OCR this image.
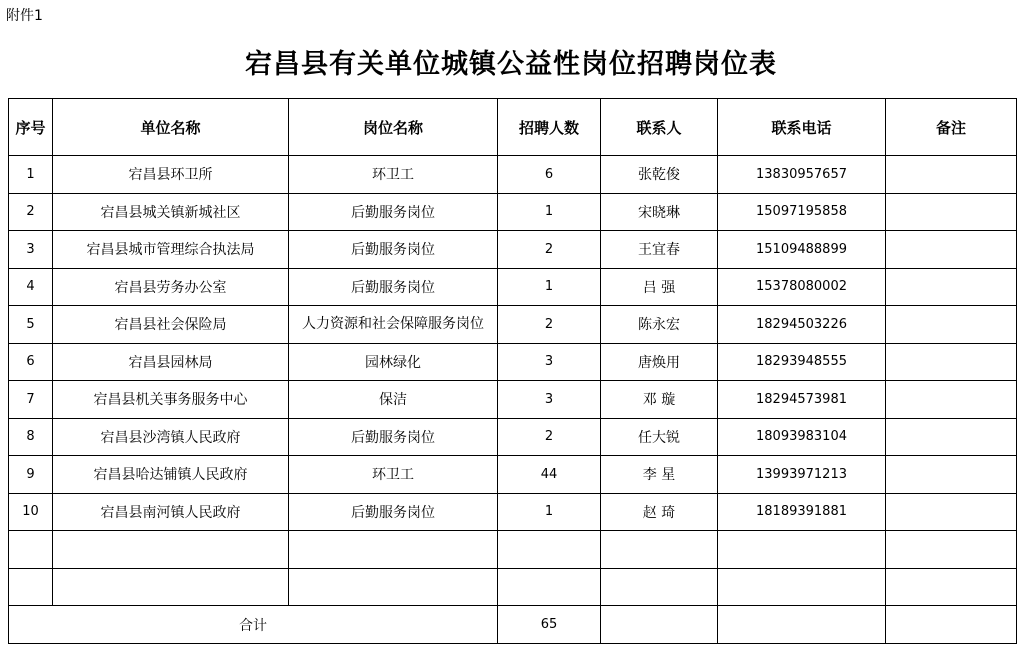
附件1
宕昌县有关单位城镇公益性岗位招聘岗位表
序号	单位名称	岗位名称	招聘人数	联系人	联系电话	备注
1	宕昌县环卫所	环卫工	6	张乾俊	13830957657	
2	宕昌县城关镇新城社区	后勤服务岗位	1	宋晓琳	15097195858	
3	宕昌县城市管理综合执法局	后勤服务岗位	2	王宜春	15109488899	
4	宕昌县劳务办公室	后勤服务岗位	1	吕 强	15378080002	
5	宕昌县社会保险局	人力资源和社会保障服务岗位	2	陈永宏	18294503226	
6	宕昌县园林局	园林绿化	3	唐焕用	18293948555	
7	宕昌县机关事务服务中心	保洁	3	邓 璇	18294573981	
8	宕昌县沙湾镇人民政府	后勤服务岗位	2	任大锐	18093983104	
9	宕昌县哈达铺镇人民政府	环卫工	44	李 星	13993971213	
10	宕昌县南河镇人民政府	后勤服务岗位	1	赵 琦	18189391881	

合计			65			
